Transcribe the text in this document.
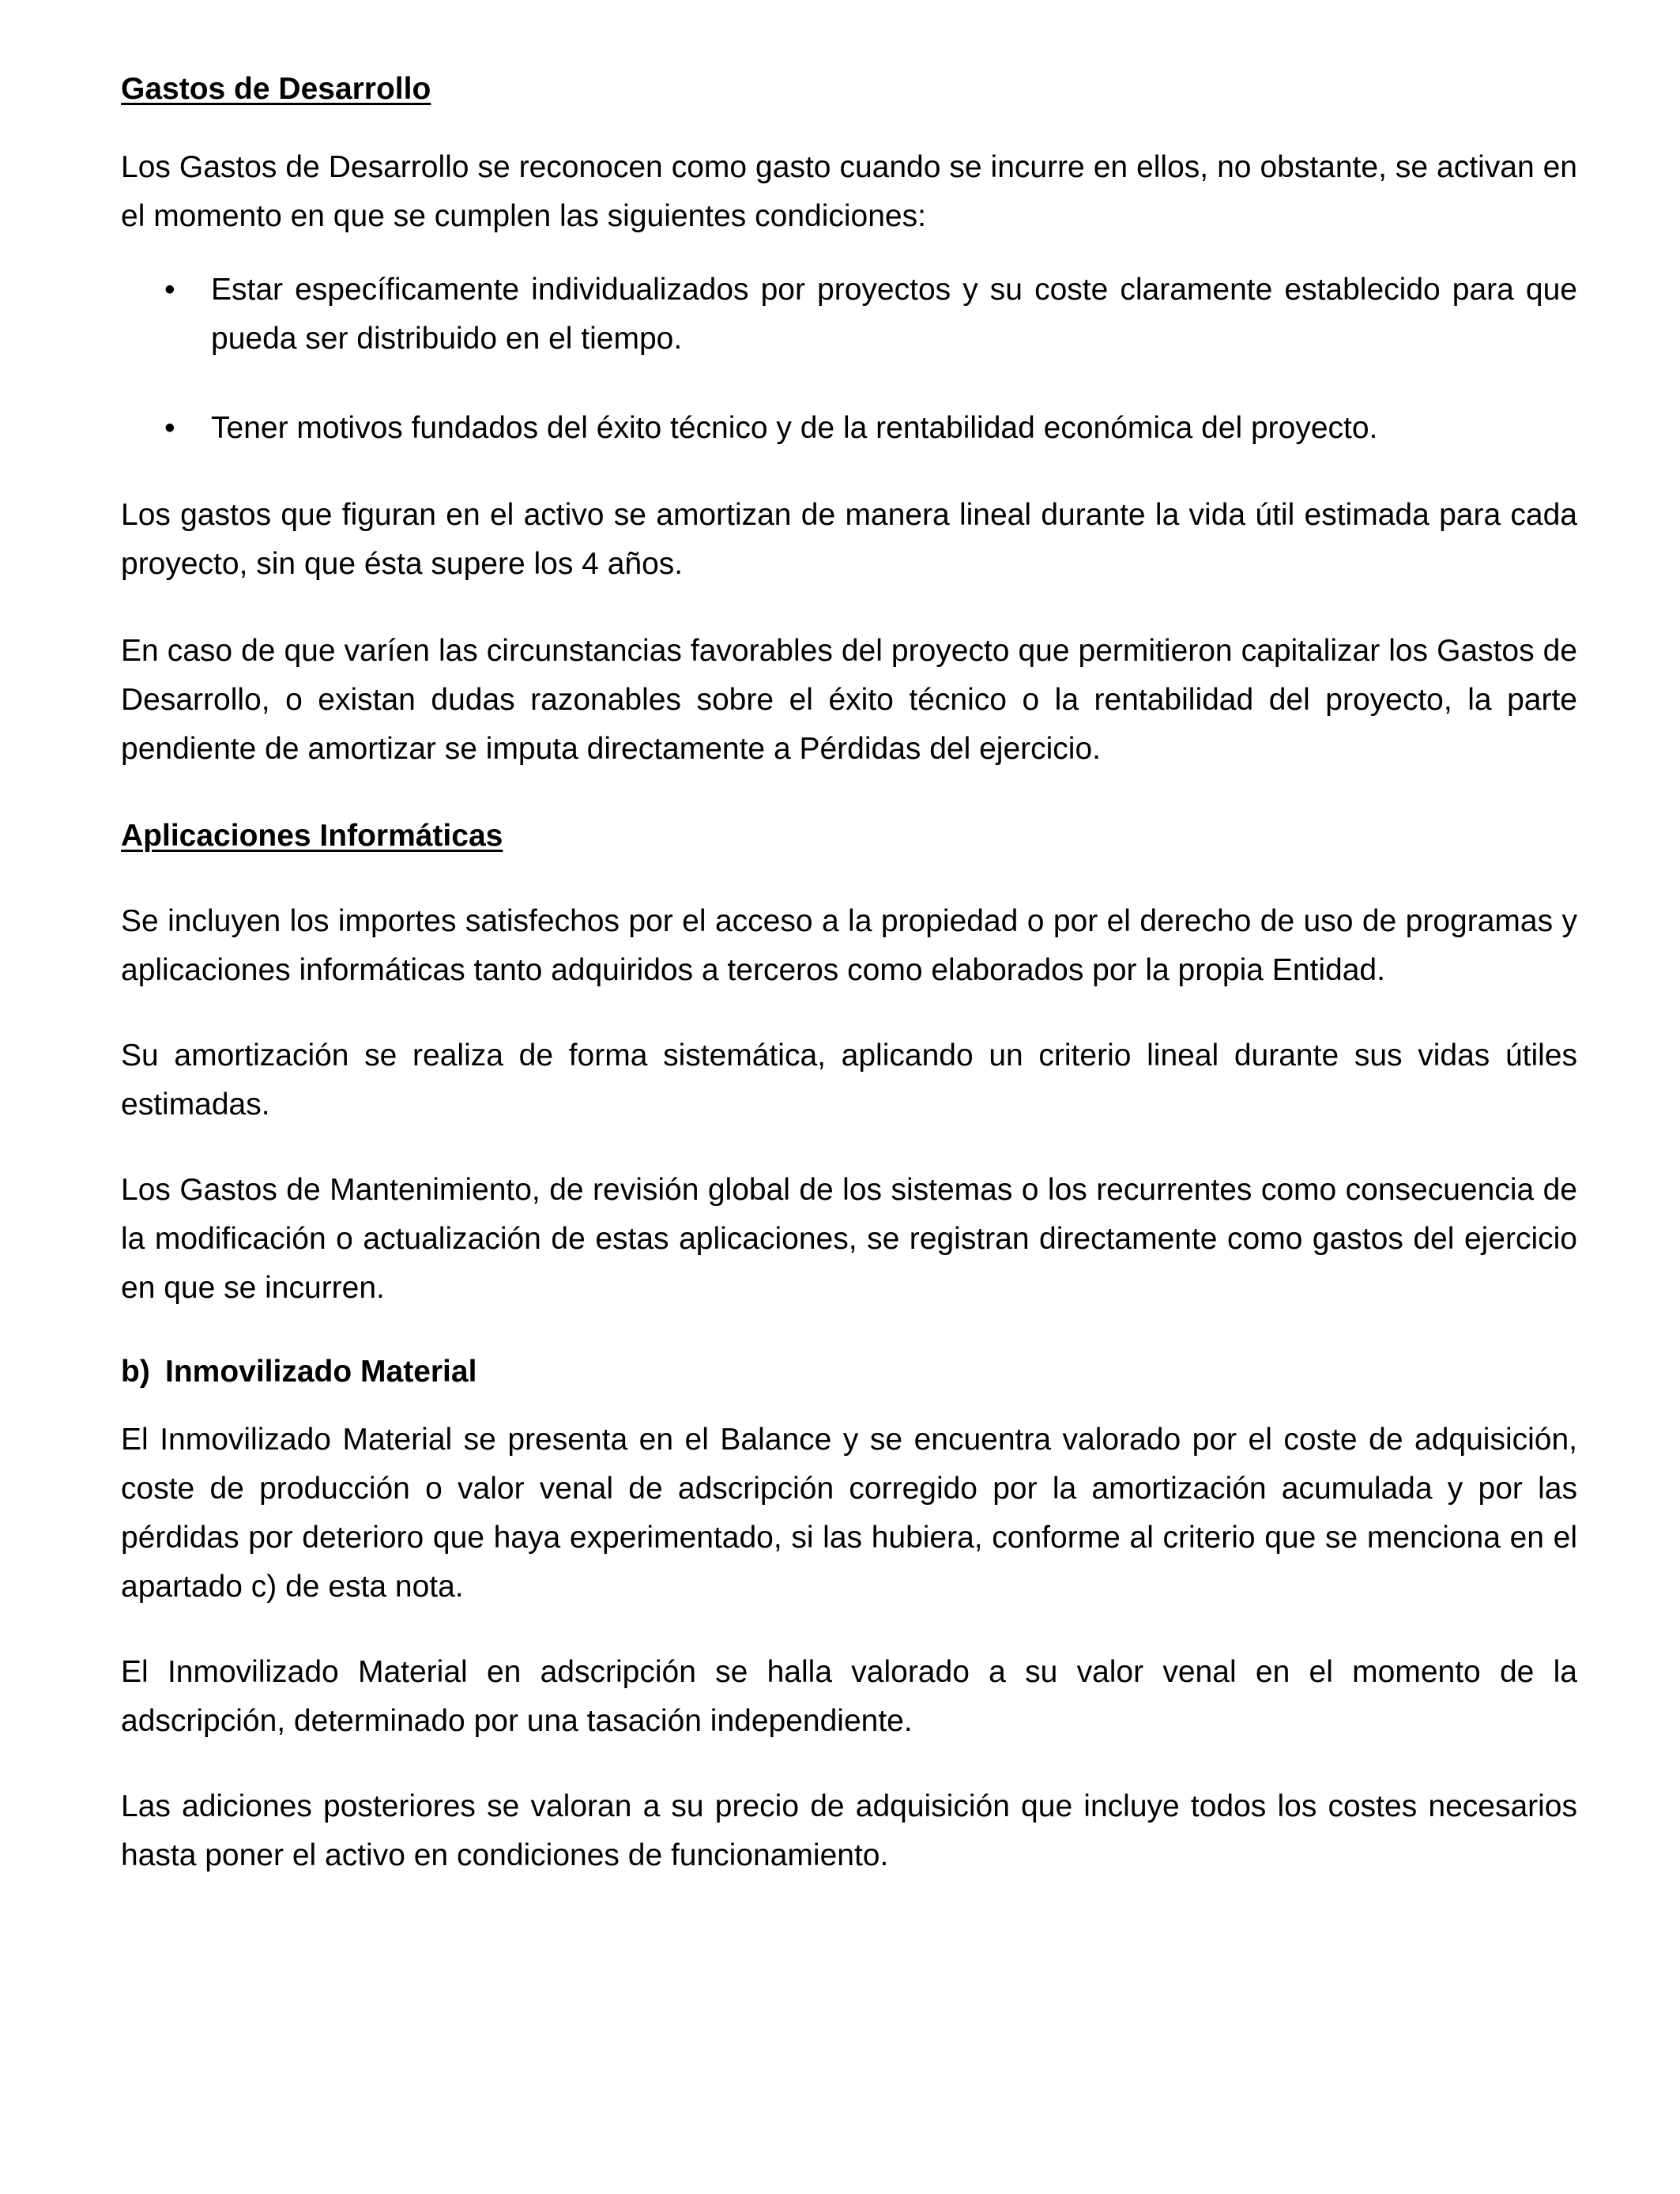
Gastos de Desarrollo

Los Gastos de Desarrollo se reconocen como gasto cuando se incurre en ellos, no obstante, se activan en el momento en que se cumplen las siguientes condiciones:

• Estar específicamente individualizados por proyectos y su coste claramente establecido para que pueda ser distribuido en el tiempo.
• Tener motivos fundados del éxito técnico y de la rentabilidad económica del proyecto.

Los gastos que figuran en el activo se amortizan de manera lineal durante la vida útil estimada para cada proyecto, sin que ésta supere los 4 años.

En caso de que varíen las circunstancias favorables del proyecto que permitieron capitalizar los Gastos de Desarrollo, o existan dudas razonables sobre el éxito técnico o la rentabilidad del proyecto, la parte pendiente de amortizar se imputa directamente a Pérdidas del ejercicio.

Aplicaciones Informáticas

Se incluyen los importes satisfechos por el acceso a la propiedad o por el derecho de uso de programas y aplicaciones informáticas tanto adquiridos a terceros como elaborados por la propia Entidad.

Su amortización se realiza de forma sistemática, aplicando un criterio lineal durante sus vidas útiles estimadas.

Los Gastos de Mantenimiento, de revisión global de los sistemas o los recurrentes como consecuencia de la modificación o actualización de estas aplicaciones, se registran directamente como gastos del ejercicio en que se incurren.

b) Inmovilizado Material

El Inmovilizado Material se presenta en el Balance y se encuentra valorado por el coste de adquisición, coste de producción o valor venal de adscripción corregido por la amortización acumulada y por las pérdidas por deterioro que haya experimentado, si las hubiera, conforme al criterio que se menciona en el apartado c) de esta nota.

El Inmovilizado Material en adscripción se halla valorado a su valor venal en el momento de la adscripción, determinado por una tasación independiente.

Las adiciones posteriores se valoran a su precio de adquisición que incluye todos los costes necesarios hasta poner el activo en condiciones de funcionamiento.
